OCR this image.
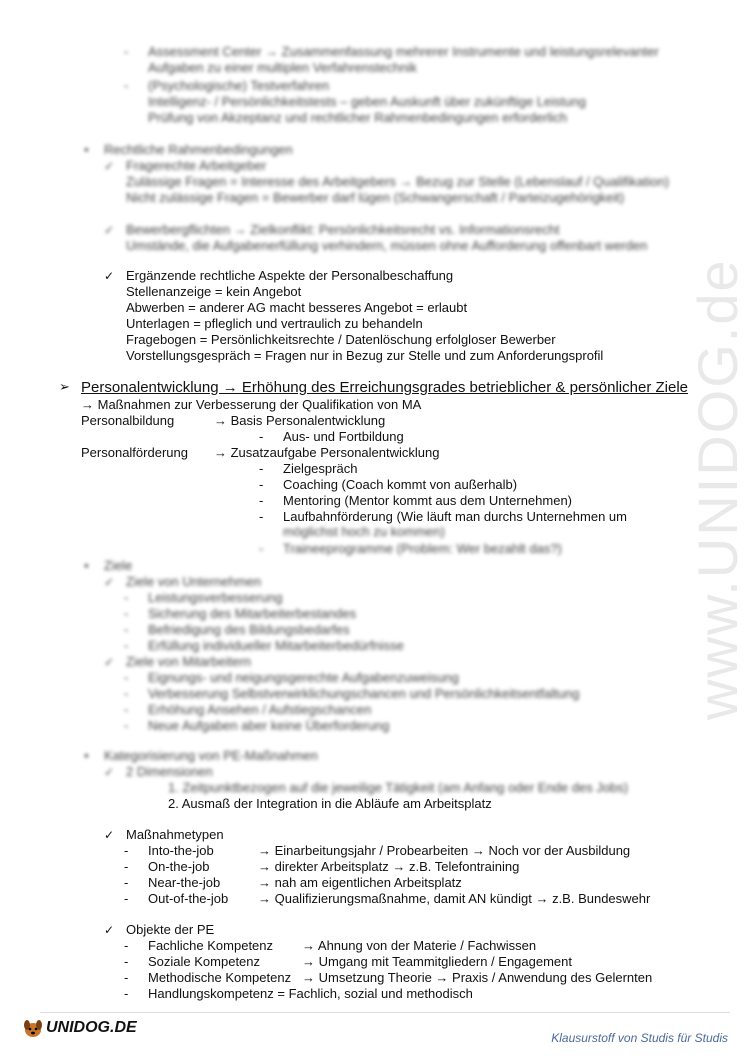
www.UNIDOG.de
- Assessment Center → Zusammenfassung mehrerer Instrumente und leistungsrelevanter
Aufgaben zu einer multiplen Verfahrenstechnik
- (Psychologische) Testverfahren
Intelligenz- / Persönlichkeitstests – geben Auskunft über zukünftige Leistung
Prüfung von Akzeptanz und rechtlicher Rahmenbedingungen erforderlich
● Rechtliche Rahmenbedingungen
✓ Fragerechte Arbeitgeber
Zulässige Fragen = Interesse des Arbeitgebers → Bezug zur Stelle (Lebenslauf / Qualifikation)
Nicht zulässige Fragen = Bewerber darf lügen (Schwangerschaft / Parteizugehörigkeit)
✓ Bewerbergflichten → Zielkonflikt: Persönlichkeitsrecht vs. Informationsrecht
Umstände, die Aufgabenerfüllung verhindern, müssen ohne Aufforderung offenbart werden
✓ Ergänzende rechtliche Aspekte der Personalbeschaffung
Stellenanzeige = kein Angebot
Abwerben = anderer AG macht besseres Angebot = erlaubt
Unterlagen = pfleglich und vertraulich zu behandeln
Fragebogen = Persönlichkeitsrechte / Datenlöschung erfolgloser Bewerber
Vorstellungsgespräch = Fragen nur in Bezug zur Stelle und zum Anforderungsprofil
➢ Personalentwicklung → Erhöhung des Erreichungsgrades betrieblicher & persönlicher Ziele
→ Maßnahmen zur Verbesserung der Qualifikation von MA
Personalbildung	→ Basis Personalentwicklung
- Aus- und Fortbildung
Personalförderung → Zusatzaufgabe Personalentwicklung
- Zielgespräch
- Coaching (Coach kommt von außerhalb)
- Mentoring (Mentor kommt aus dem Unternehmen)
- Laufbahnförderung (Wie läuft man durchs Unternehmen um
möglichst hoch zu kommen)
- Traineeprogramme (Problem: Wer bezahlt das?)
● Ziele
✓ Ziele von Unternehmen
- Leistungsverbesserung
- Sicherung des Mitarbeiterbestandes
- Befriedigung des Bildungsbedarfes
- Erfüllung individueller Mitarbeiterbedürfnisse
✓ Ziele von Mitarbeitern
- Eignungs- und neigungsgerechte Aufgabenzuweisung
- Verbesserung Selbstverwirklichungschancen und Persönlichkeitsentfaltung
- Erhöhung Ansehen / Aufstiegschancen
- Neue Aufgaben aber keine Überforderung
● Kategorisierung von PE-Maßnahmen
✓ 2 Dimensionen
1. Zeitpunktbezogen auf die jeweilige Tätigkeit (am Anfang oder Ende des Jobs)
2. Ausmaß der Integration in die Abläufe am Arbeitsplatz
✓ Maßnahmetypen
- Into-the-job	→ Einarbeitungsjahr / Probearbeiten → Noch vor der Ausbildung
- On-the-job	→ direkter Arbeitsplatz → z.B. Telefontraining
- Near-the-job	→ nah am eigentlichen Arbeitsplatz
- Out-of-the-job → Qualifizierungsmaßnahme, damit AN kündigt → z.B. Bundeswehr
✓ Objekte der PE
- Fachliche Kompetenz → Ahnung von der Materie / Fachwissen
- Soziale Kompetenz	→ Umgang mit Teammitgliedern / Engagement
- Methodische Kompetenz → Umsetzung Theorie → Praxis / Anwendung des Gelernten
- Handlungskompetenz = Fachlich, sozial und methodisch
UNIDOG.DE
Klausurstoff von Studis für Studis
